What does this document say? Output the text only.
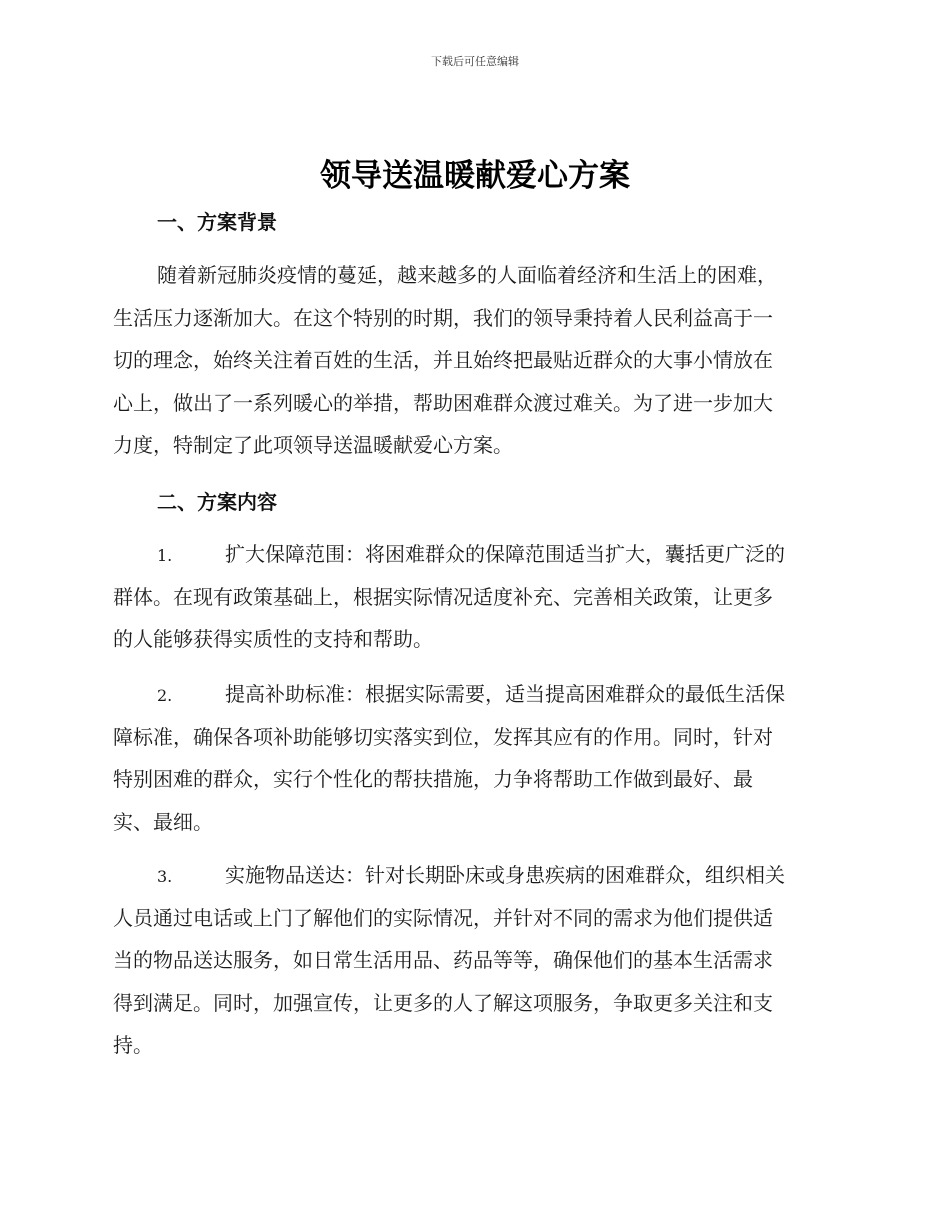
下载后可任意编辑
领导送温暖献爱心方案
一、方案背景
随着新冠肺炎疫情的蔓延，越来越多的人面临着经济和生活上的困难，
生活压力逐渐加大。在这个特别的时期，我们的领导秉持着人民利益高于一
切的理念，始终关注着百姓的生活，并且始终把最贴近群众的大事小情放在
心上，做出了一系列暖心的举措，帮助困难群众渡过难关。为了进一步加大
力度，特制定了此项领导送温暖献爱心方案。
二、方案内容
1.	扩大保障范围：将困难群众的保障范围适当扩大，囊括更广泛的
群体。在现有政策基础上，根据实际情况适度补充、完善相关政策，让更多
的人能够获得实质性的支持和帮助。
2.	提高补助标准：根据实际需要，适当提高困难群众的最低生活保
障标准，确保各项补助能够切实落实到位，发挥其应有的作用。同时，针对
特别困难的群众，实行个性化的帮扶措施，力争将帮助工作做到最好、最
实、最细。
3.	实施物品送达：针对长期卧床或身患疾病的困难群众，组织相关
人员通过电话或上门了解他们的实际情况，并针对不同的需求为他们提供适
当的物品送达服务，如日常生活用品、药品等等，确保他们的基本生活需求
得到满足。同时，加强宣传，让更多的人了解这项服务，争取更多关注和支
持。
